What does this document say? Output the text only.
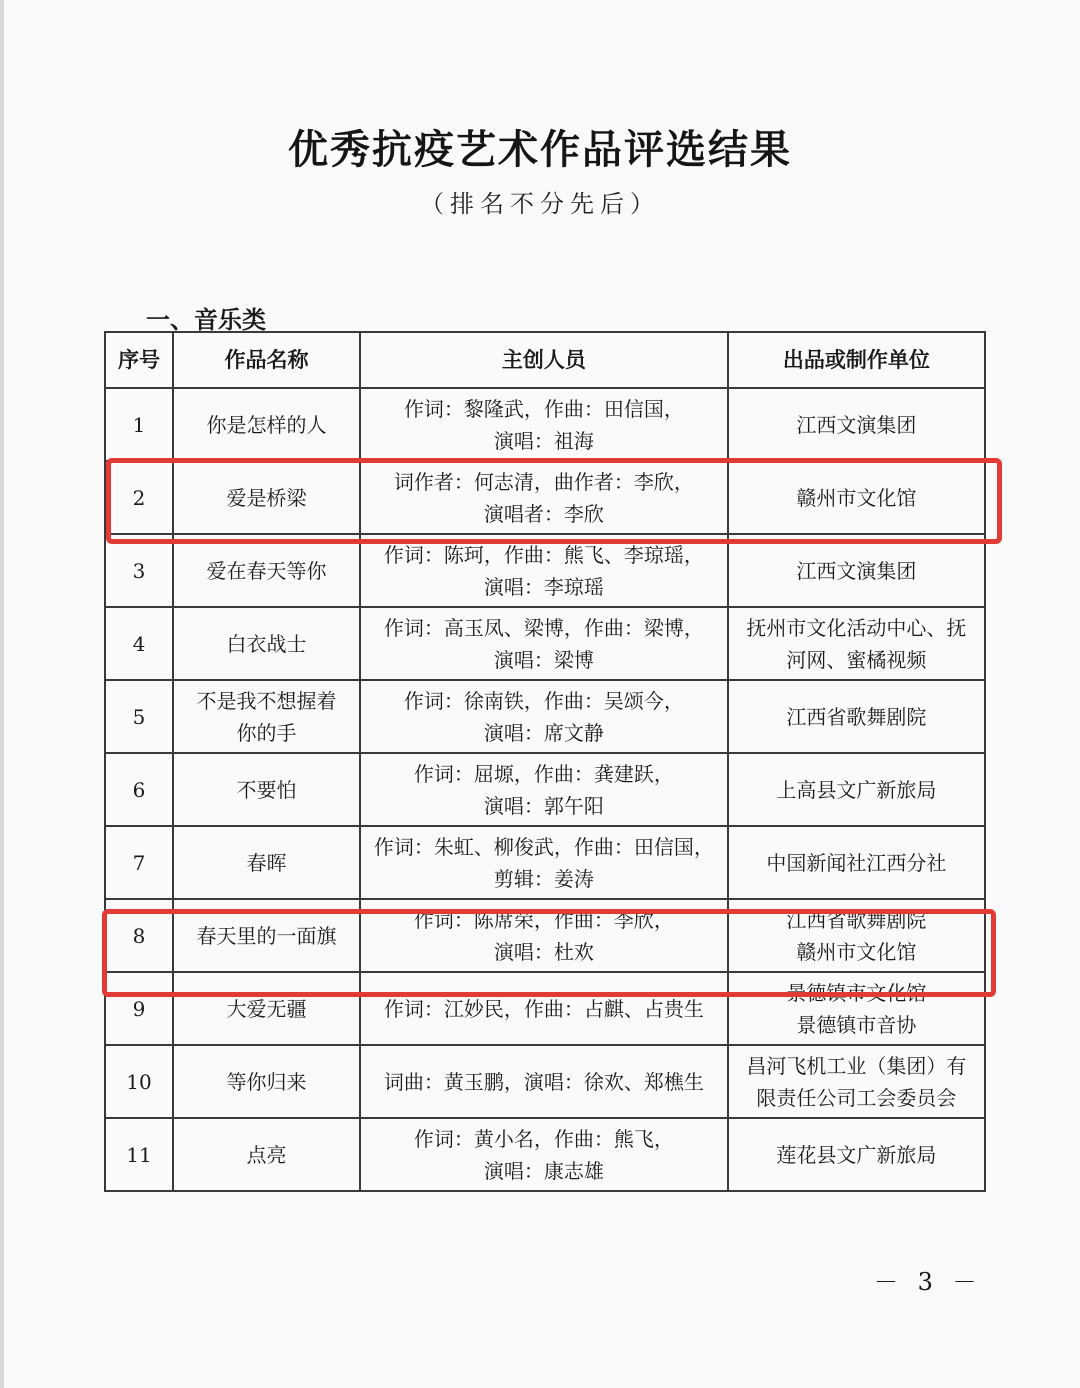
优秀抗疫艺术作品评选结果
（排名不分先后）
一、音乐类
序号	作品名称	主创人员	出品或制作单位
1	你是怎样的人	作词：黎隆武，作曲：田信国，
演唱：祖海	江西文演集团

2	爱是桥梁	词作者：何志清，曲作者：李欣，
演唱者：李欣	赣州市文化馆

3	爱在春天等你	作词：陈珂，作曲：熊飞、李琼瑶，
演唱：李琼瑶	江西文演集团

4	白衣战士	作词：高玉凤、梁博，作曲：梁博，
演唱：梁博	抚州市文化活动中心、抚
河网、蜜橘视频

5	不是我不想握着
你的手	作词：徐南铁，作曲：吴颂今，
演唱：席文静	江西省歌舞剧院

6	不要怕	作词：屈塬，作曲：龚建跃，
演唱：郭午阳	上高县文广新旅局

7	春晖	作词：朱虹、柳俊武，作曲：田信国，
剪辑：姜涛	中国新闻社江西分社

8	春天里的一面旗	作词：陈席荣，作曲：李欣，
演唱：杜欢	江西省歌舞剧院
赣州市文化馆

9	大爱无疆	作词：江妙民，作曲：占麒、占贵生	景德镇市文化馆
景德镇市音协

10	等你归来	词曲：黄玉鹏，演唱：徐欢、郑樵生	昌河飞机工业（集团）有
限责任公司工会委员会

11	点亮	作词：黄小名，作曲：熊飞，
演唱：康志雄	莲花县文广新旅局
－ 3 －
